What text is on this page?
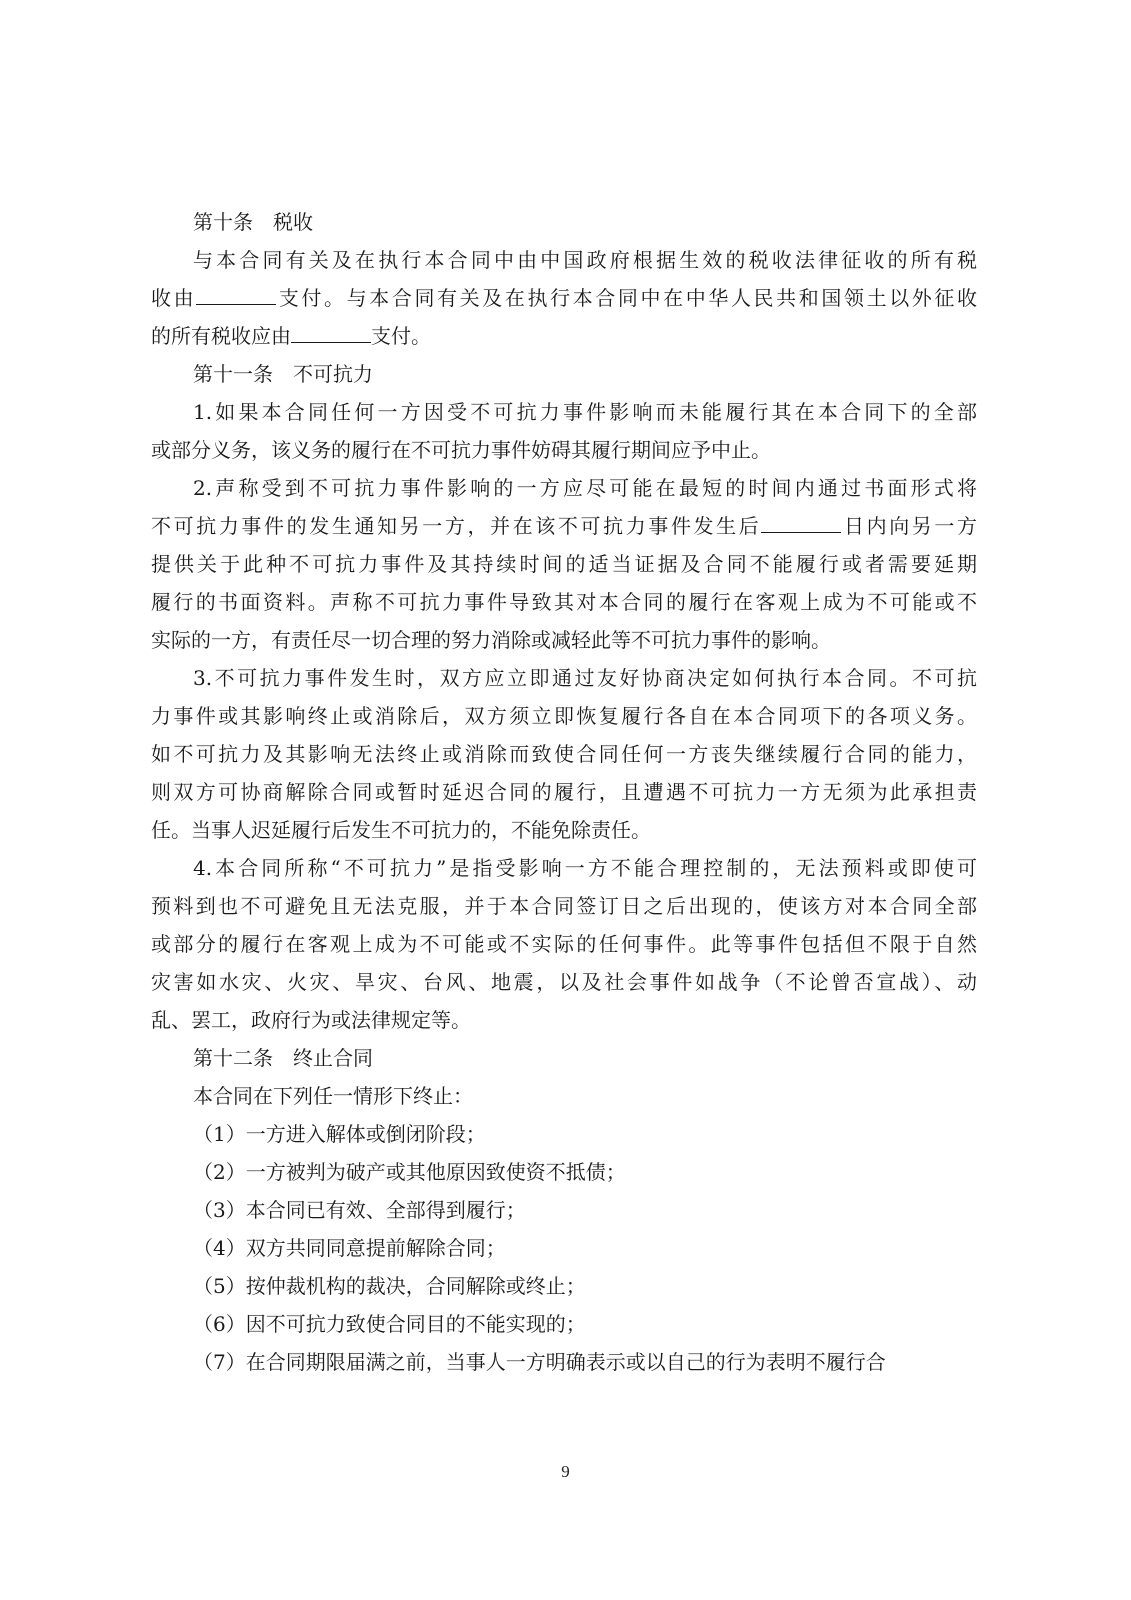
第十条 税收
与本合同有关及在执行本合同中由中国政府根据生效的税收法律征收的所有税
收由	支付。与本合同有关及在执行本合同中在中华人民共和国领土以外征收
的所有税收应由	支付。
第十一条 不可抗力
1.如果本合同任何一方因受不可抗力事件影响而未能履行其在本合同下的全部
或部分义务，该义务的履行在不可抗力事件妨碍其履行期间应予中止。
2.声称受到不可抗力事件影响的一方应尽可能在最短的时间内通过书面形式将
不可抗力事件的发生通知另一方，并在该不可抗力事件发生后	日内向另一方
提供关于此种不可抗力事件及其持续时间的适当证据及合同不能履行或者需要延期
履行的书面资料。声称不可抗力事件导致其对本合同的履行在客观上成为不可能或不
实际的一方，有责任尽一切合理的努力消除或减轻此等不可抗力事件的影响。
3.不可抗力事件发生时，双方应立即通过友好协商决定如何执行本合同。不可抗
力事件或其影响终止或消除后，双方须立即恢复履行各自在本合同项下的各项义务。
如不可抗力及其影响无法终止或消除而致使合同任何一方丧失继续履行合同的能力，
则双方可协商解除合同或暂时延迟合同的履行，且遭遇不可抗力一方无须为此承担责
任。当事人迟延履行后发生不可抗力的，不能免除责任。
4.本合同所称“不可抗力”是指受影响一方不能合理控制的，无法预料或即使可
预料到也不可避免且无法克服，并于本合同签订日之后出现的，使该方对本合同全部
或部分的履行在客观上成为不可能或不实际的任何事件。此等事件包括但不限于自然
灾害如水灾、火灾、旱灾、台风、地震，以及社会事件如战争（不论曾否宣战）、动
乱、罢工，政府行为或法律规定等。
第十二条 终止合同
本合同在下列任一情形下终止：
（1）一方进入解体或倒闭阶段；
（2）一方被判为破产或其他原因致使资不抵债；
（3）本合同已有效、全部得到履行；
（4）双方共同同意提前解除合同；
（5）按仲裁机构的裁决，合同解除或终止；
（6）因不可抗力致使合同目的不能实现的；
（7）在合同期限届满之前，当事人一方明确表示或以自己的行为表明不履行合
9
